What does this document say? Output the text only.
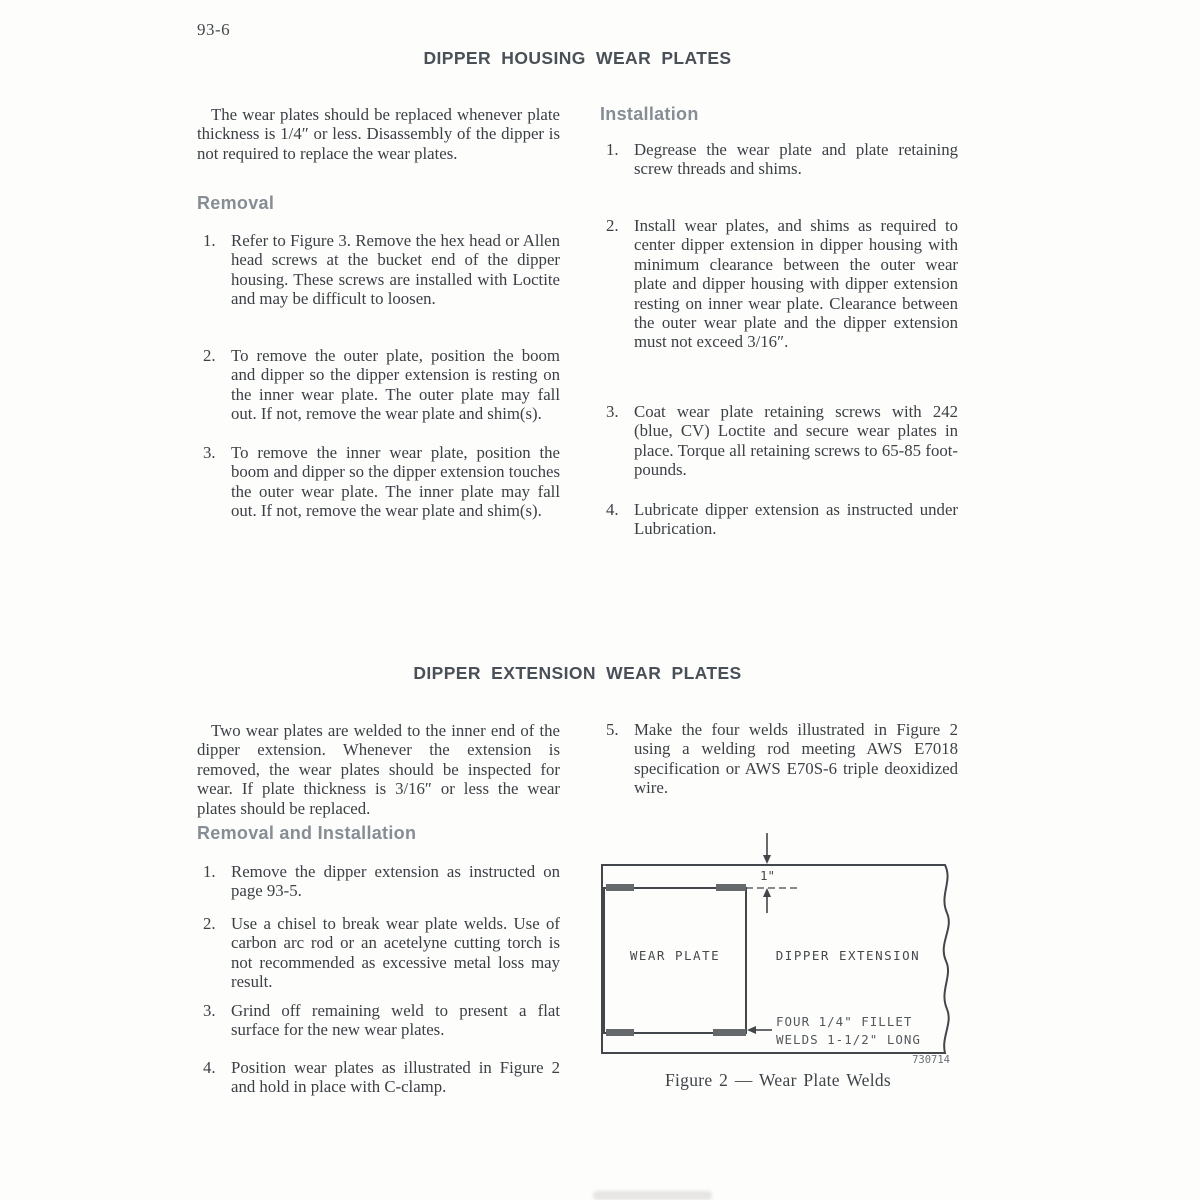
93-6
DIPPER HOUSING WEAR PLATES
The wear plates should be replaced whenever plate thickness is 1/4″ or less. Disassembly of the dipper is not required to replace the wear plates.
Removal
1. Refer to Figure 3. Remove the hex head or Allen head screws at the bucket end of the dipper housing. These screws are installed with Loctite and may be difficult to loosen.
2. To remove the outer plate, position the boom and dipper so the dipper extension is resting on the inner wear plate. The outer plate may fall out. If not, remove the wear plate and shim(s).
3. To remove the inner wear plate, position the boom and dipper so the dipper extension touches the outer wear plate. The inner plate may fall out. If not, remove the wear plate and shim(s).
Installation
1. Degrease the wear plate and plate retaining screw threads and shims.
2. Install wear plates, and shims as required to center dipper extension in dipper housing with minimum clearance between the outer wear plate and dipper housing with dipper extension resting on inner wear plate. Clearance between the outer wear plate and the dipper extension must not exceed 3/16″.
3. Coat wear plate retaining screws with 242 (blue, CV) Loctite and secure wear plates in place. Torque all retaining screws to 65-85 foot-pounds.
4. Lubricate dipper extension as instructed under Lubrication.
DIPPER EXTENSION WEAR PLATES
Two wear plates are welded to the inner end of the dipper extension. Whenever the extension is removed, the wear plates should be inspected for wear. If plate thickness is 3/16″ or less the wear plates should be replaced.
Removal and Installation
1. Remove the dipper extension as instructed on page 93-5.
2. Use a chisel to break wear plate welds. Use of carbon arc rod or an acetelyne cutting torch is not recommended as excessive metal loss may result.
3. Grind off remaining weld to present a flat surface for the new wear plates.
4. Position wear plates as illustrated in Figure 2 and hold in place with C-clamp.
5. Make the four welds illustrated in Figure 2 using a welding rod meeting AWS E7018 specification or AWS E70S-6 triple deoxidized wire.
1"
WEAR PLATE	DIPPER EXTENSION
FOUR 1/4" FILLET
WELDS 1-1/2" LONG
730714
Figure 2 — Wear Plate Welds
